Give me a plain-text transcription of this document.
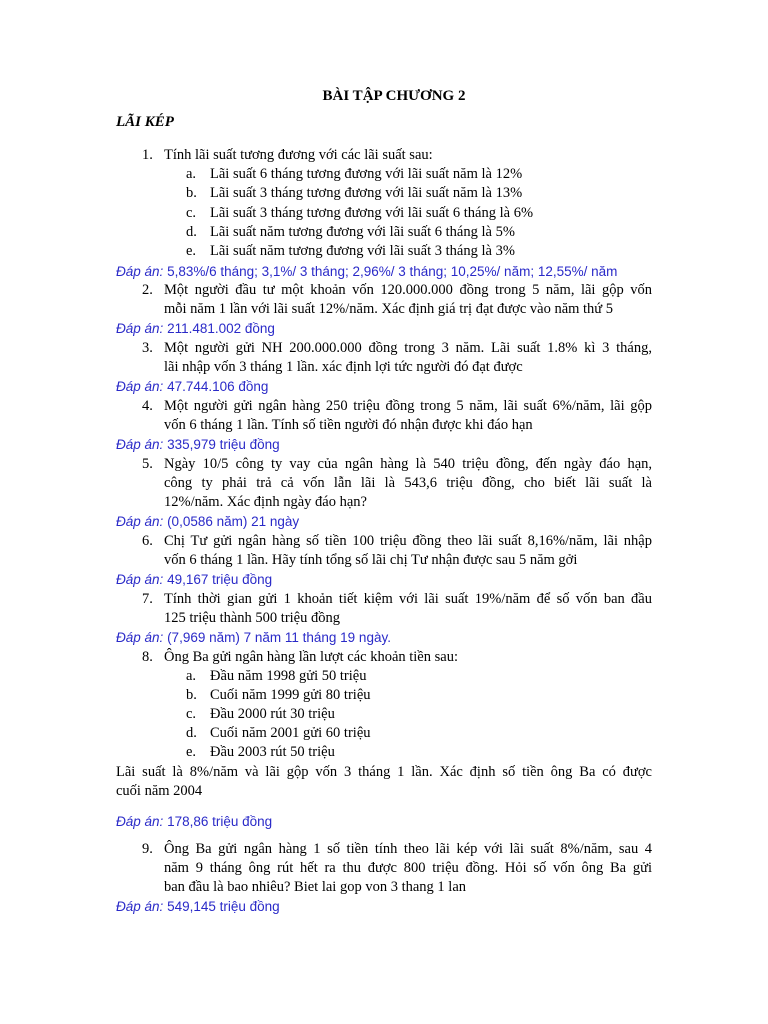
BÀI TẬP CHƯƠNG 2
LÃI KÉP
1. Tính lãi suất tương đương với các lãi suất sau:
a. Lãi suất 6 tháng tương đương với lãi suất năm là 12%
b. Lãi suất 3 tháng tương đương với lãi suất năm là 13%
c. Lãi suất 3 tháng tương đương với lãi suất 6 tháng là 6%
d. Lãi suất năm tương đương với lãi suất 6 tháng là 5%
e. Lãi suất năm tương đương với lãi suất 3 tháng là 3%
Đáp án: 5,83%/6 tháng; 3,1%/ 3 tháng; 2,96%/ 3 tháng; 10,25%/ năm; 12,55%/ năm
2. Một người đầu tư một khoản vốn 120.000.000 đồng trong 5 năm, lãi gộp vốn
mỗi năm 1 lần với lãi suất 12%/năm. Xác định giá trị đạt được vào năm thứ 5
Đáp án: 211.481.002 đồng
3. Một người gửi NH 200.000.000 đồng trong 3 năm. Lãi suất 1.8% kì 3 tháng,
lãi nhập vốn 3 tháng 1 lần. xác định lợi tức người đó đạt được
Đáp án: 47.744.106 đồng
4. Một người gửi ngân hàng 250 triệu đồng trong 5 năm, lãi suất 6%/năm, lãi gộp
vốn 6 tháng 1 lần. Tính số tiền người đó nhận được khi đáo hạn
Đáp án: 335,979 triệu đồng
5. Ngày 10/5 công ty vay của ngân hàng là 540 triệu đồng, đến ngày đáo hạn,
công ty phải trả cả vốn lẫn lãi là 543,6 triệu đồng, cho biết lãi suất là
12%/năm. Xác định ngày đáo hạn?
Đáp án: (0,0586 năm) 21 ngày
6. Chị Tư gửi ngân hàng số tiền 100 triệu đồng theo lãi suất 8,16%/năm, lãi nhập
vốn 6 tháng 1 lần. Hãy tính tổng số lãi chị Tư nhận được sau 5 năm gởi
Đáp án: 49,167 triệu đồng
7. Tính thời gian gửi 1 khoản tiết kiệm với lãi suất 19%/năm để số vốn ban đầu
125 triệu thành 500 triệu đồng
Đáp án: (7,969 năm) 7 năm 11 tháng 19 ngày.
8. Ông Ba gửi ngân hàng lần lượt các khoản tiền sau:
a. Đầu năm 1998 gửi 50 triệu
b. Cuối năm 1999 gửi 80 triệu
c. Đầu 2000 rút 30 triệu
d. Cuối năm 2001 gửi 60 triệu
e. Đầu 2003 rút 50 triệu
Lãi suất là 8%/năm và lãi gộp vốn 3 tháng 1 lần. Xác định số tiền ông Ba có được
cuối năm 2004
Đáp án: 178,86 triệu đồng
9. Ông Ba gửi ngân hàng 1 số tiền tính theo lãi kép với lãi suất 8%/năm, sau 4
năm 9 tháng ông rút hết ra thu được 800 triệu đồng. Hỏi số vốn ông Ba gửi
ban đầu là bao nhiêu? Biet lai gop von 3 thang 1 lan
Đáp án: 549,145 triệu đồng
